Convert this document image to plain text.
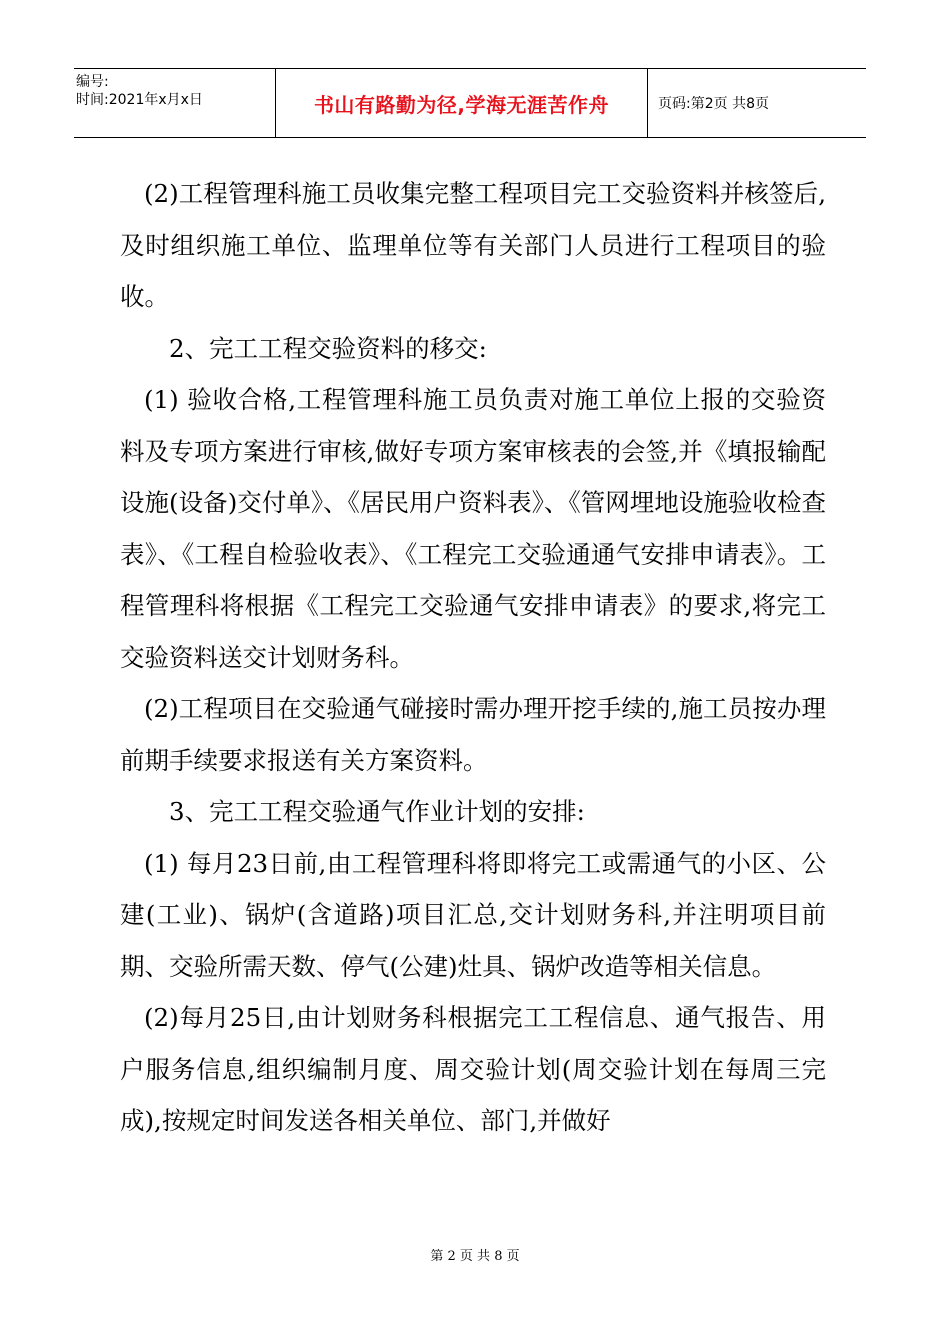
编号:
时间:2021年x月x日	书山有路勤为径,学海无涯苦作舟	页码:第2页 共8页

(2)工程管理科施工员收集完整工程项目完工交验资料并核签后,及时组织施工单位、监理单位等有关部门人员进行工程项目的验收。

2、完工工程交验资料的移交:

(1) 验收合格,工程管理科施工员负责对施工单位上报的交验资料及专项方案进行审核,做好专项方案审核表的会签,并《填报输配设施(设备)交付单》、《居民用户资料表》、《管网埋地设施验收检查表》、《工程自检验收表》、《工程完工交验通通气安排申请表》。工程管理科将根据《工程完工交验通气安排申请表》的要求,将完工交验资料送交计划财务科。

(2)工程项目在交验通气碰接时需办理开挖手续的,施工员按办理前期手续要求报送有关方案资料。

3、完工工程交验通气作业计划的安排:

(1) 每月23日前,由工程管理科将即将完工或需通气的小区、公建(工业)、锅炉(含道路)项目汇总,交计划财务科,并注明项目前期、交验所需天数、停气(公建)灶具、锅炉改造等相关信息。

(2)每月25日,由计划财务科根据完工工程信息、通气报告、用户服务信息,组织编制月度、周交验计划(周交验计划在每周三完成),按规定时间发送各相关单位、部门,并做好

第 2 页 共 8 页
